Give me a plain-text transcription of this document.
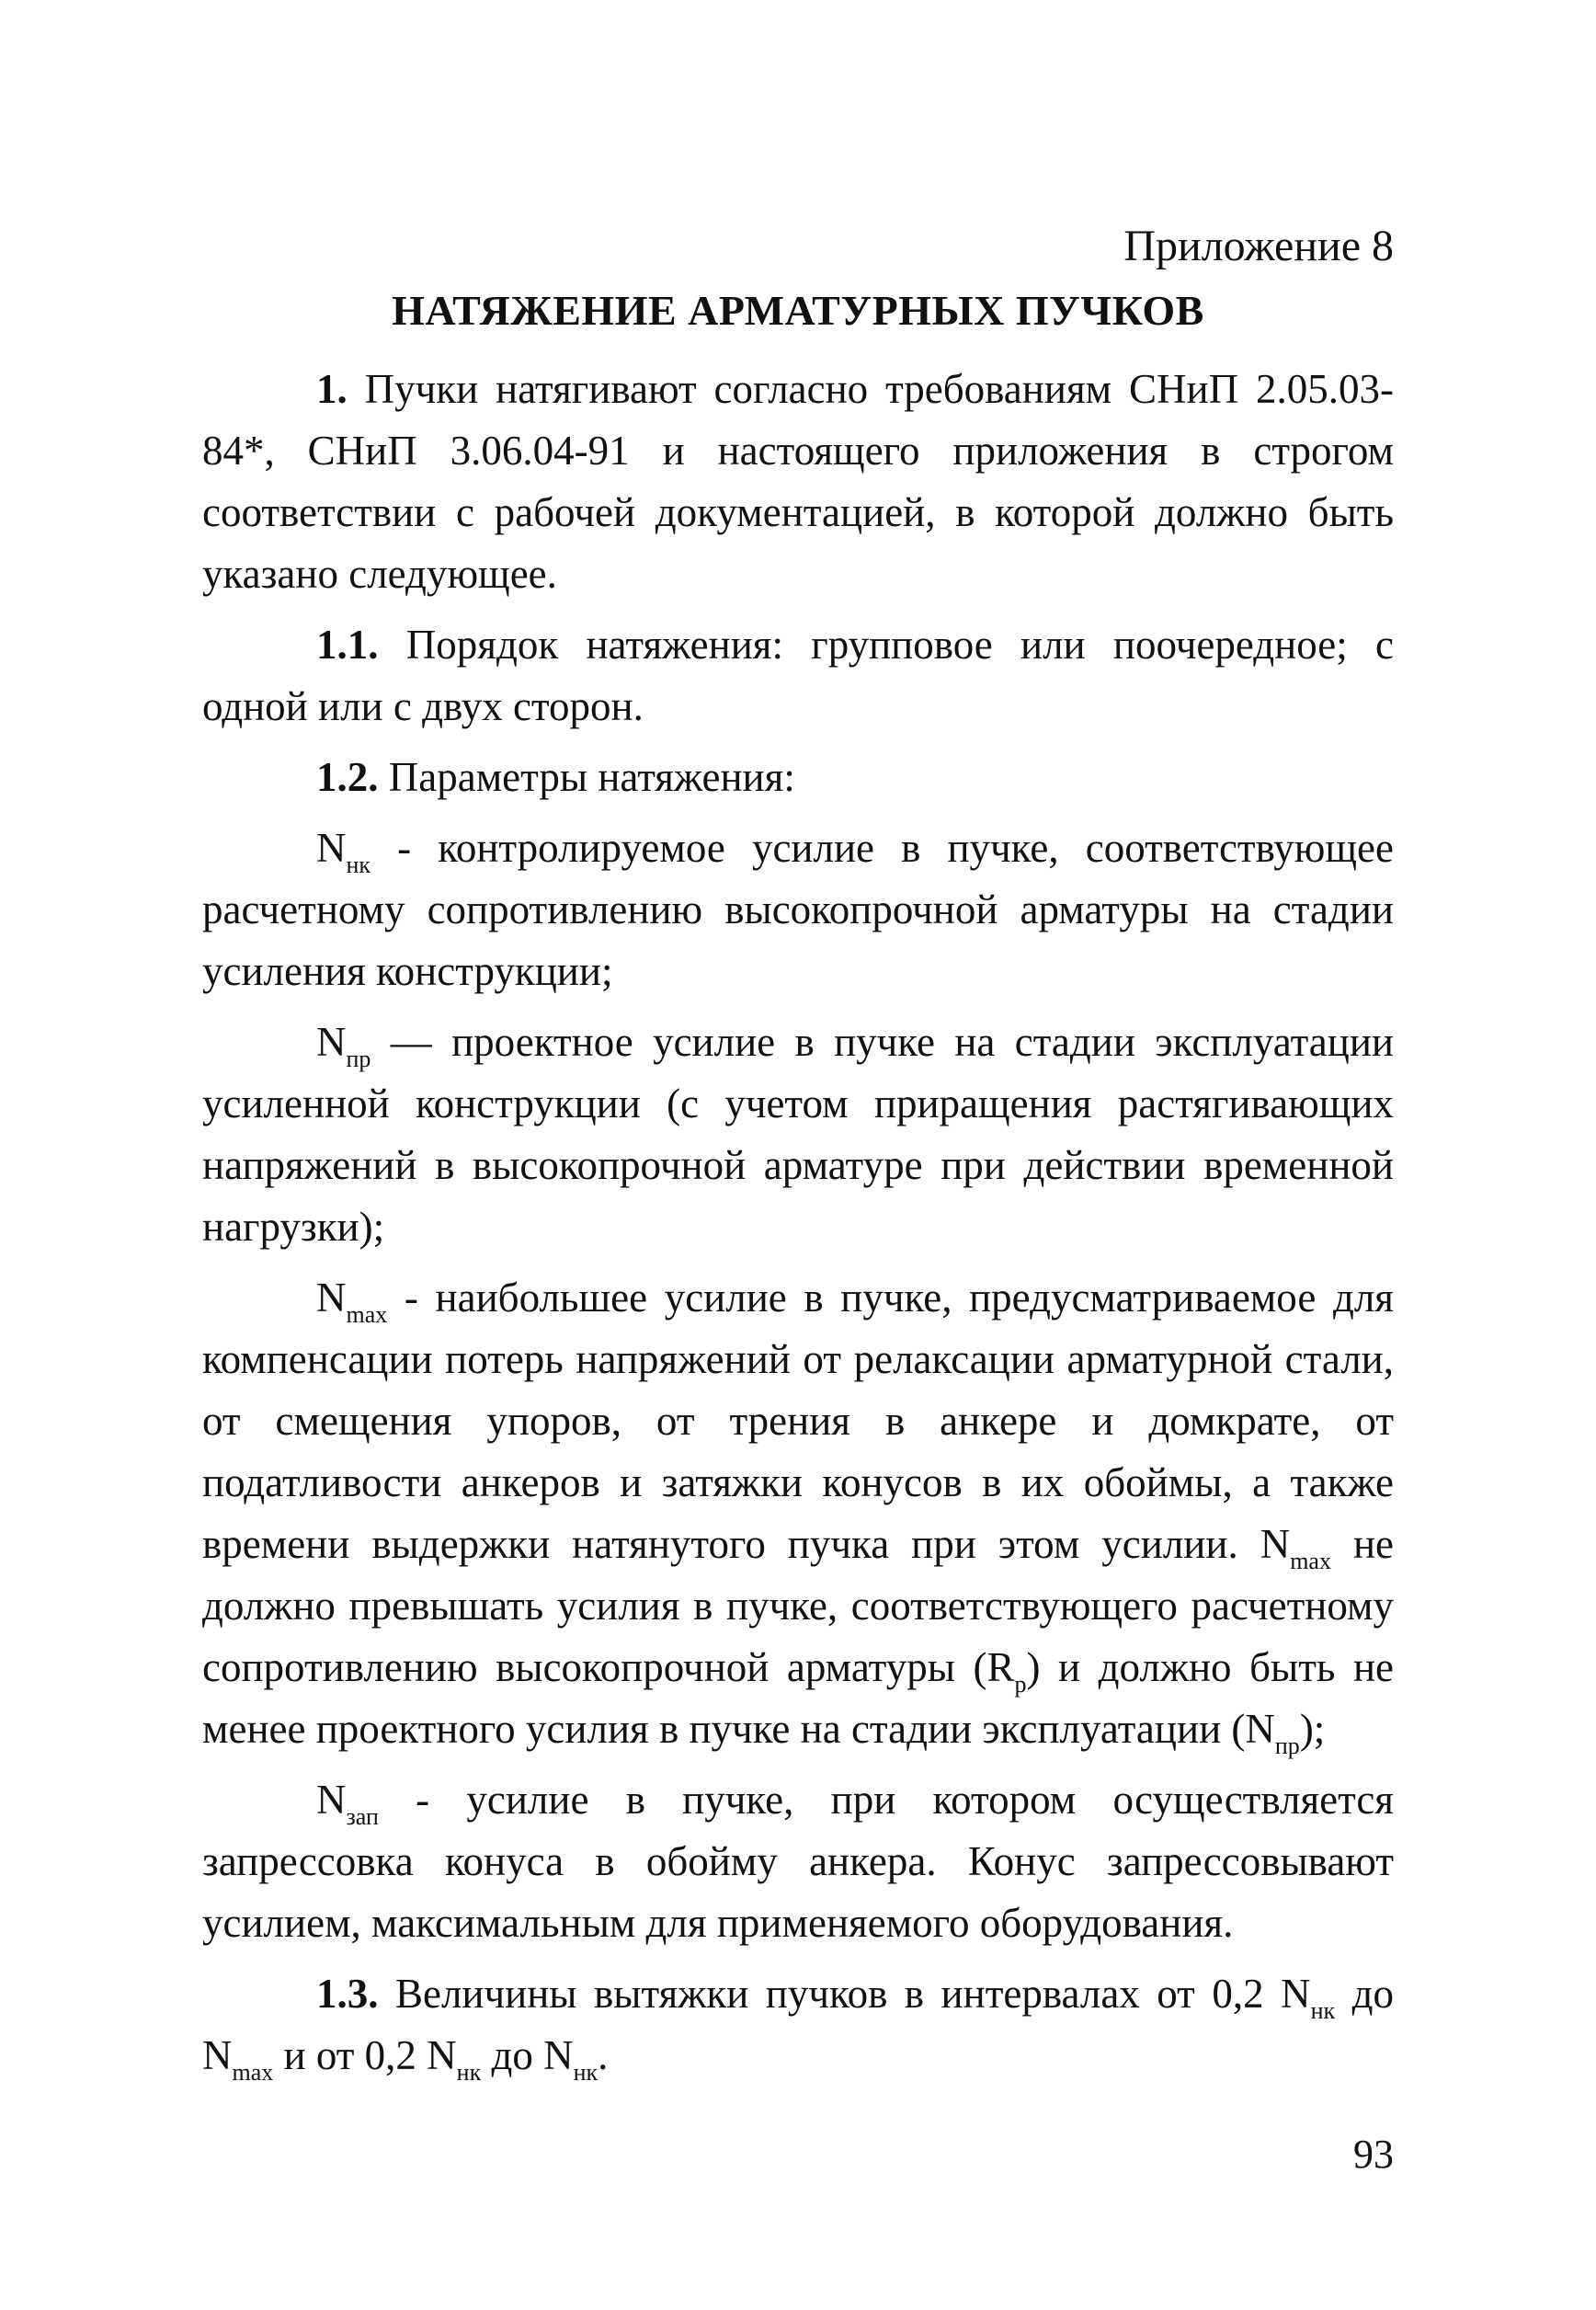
Приложение 8
НАТЯЖЕНИЕ АРМАТУРНЫХ ПУЧКОВ

1. Пучки натягивают согласно требованиям СНиП 2.05.03-84*, СНиП 3.06.04-91 и настоящего приложения в строгом соответствии с рабочей документацией, в которой должно быть указано следующее.

1.1. Порядок натяжения: групповое или поочередное; с одной или с двух сторон.

1.2. Параметры натяжения:

$N_{нк}$ - контролируемое усилие в пучке, соответствующее расчетному сопротивлению высокопрочной арматуры на стадии усиления конструкции;

$N_{пр}$ — проектное усилие в пучке на стадии эксплуатации усиленной конструкции (с учетом приращения растягивающих напряжений в высокопрочной арматуре при действии временной нагрузки);

$N_{max}$ - наибольшее усилие в пучке, предусматриваемое для компенсации потерь напряжений от релаксации арматурной стали, от смещения упоров, от трения в анкере и домкрате, от податливости анкеров и затяжки конусов в их обоймы, а также времени выдержки натянутого пучка при этом усилии. $N_{max}$ не должно превышать усилия в пучке, соответствующего расчетному сопротивлению высокопрочной арматуры $(R_p)$ и должно быть не менее проектного усилия в пучке на стадии эксплуатации $(N_{пр})$;

$N_{зап}$ - усилие в пучке, при котором осуществляется запрессовка конуса в обойму анкера. Конус запрессовывают усилием, максимальным для применяемого оборудования.

1.3. Величины вытяжки пучков в интервалах от 0,2 $N_{нк}$ до $N_{max}$ и от 0,2 $N_{нк}$ до $N_{нк}$.

93
